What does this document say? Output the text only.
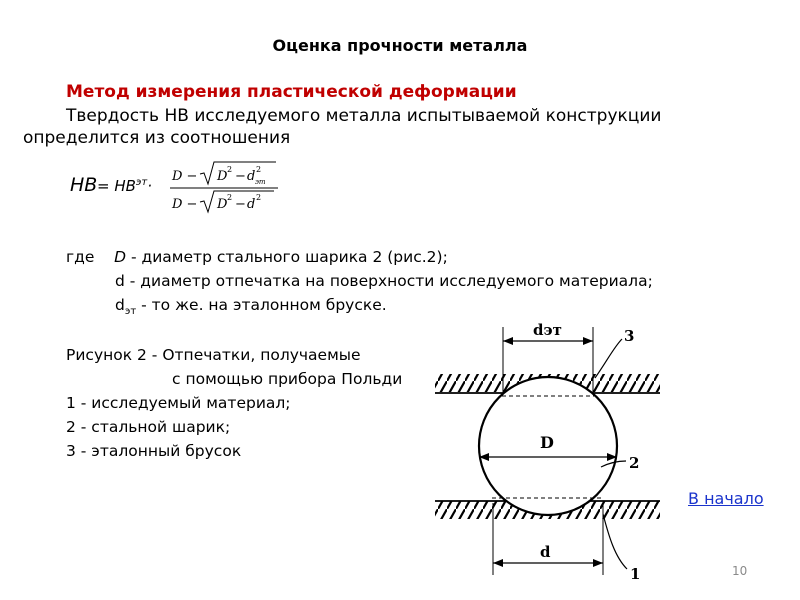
Оценка прочности металла
Метод измерения пластической деформации
Твердость НВ исследуемого металла испытываемой конструкции
определится из соотношения
НВ = $НВ^{эт}\cdot$
D − D 2 − d 2
эт
D − D 2 − d 2
где D - диаметр стального шарика 2 (рис.2);
d - диаметр отпечатка на поверхности исследуемого материала;
$d_{эт}$ - то же. на эталонном бруске.
Рисунок 2 - Отпечатки, получаемые
с помощью прибора Польди
1 - исследуемый материал;
2 - стальной шарик;
3 - эталонный брусок
dэт
D
d
3
2
1
В начало
10
